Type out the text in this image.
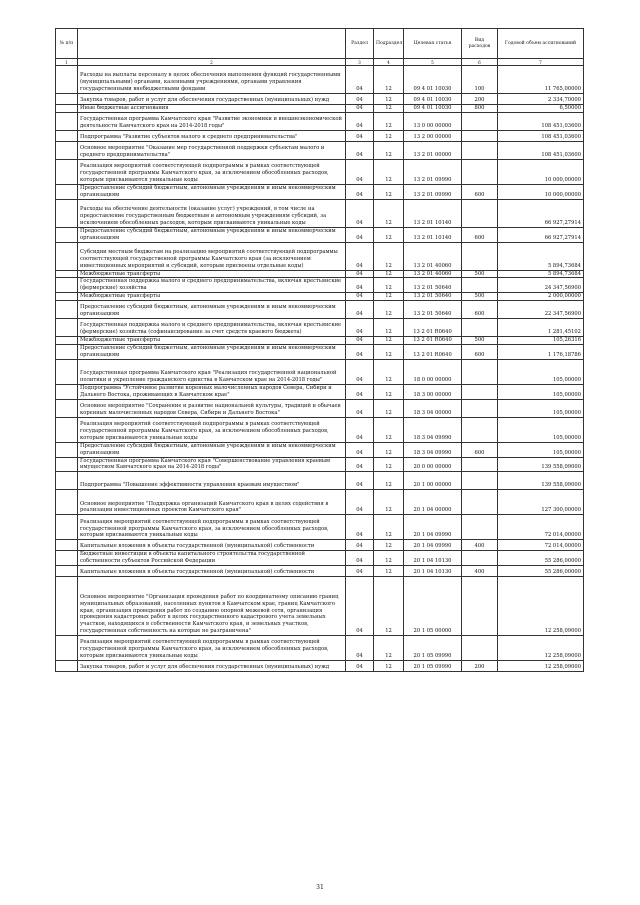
№ п/п		Раздел	Подраздел	Целевая статья	Вид расходов	Годовой объем ассигнований
1	2	3	4	5	6	7
	Расходы на выплаты персоналу в целях обеспечения выполнения функций государственными (муниципальными) органами, казенными учреждениями, органами управления государственными внебюджетными фондами	04	12	09 4 01 10030	100	11 765,00000
	Закупка товаров, работ и услуг для обеспечения государственных (муниципальных) нужд	04	12	09 4 01 10030	200	2 334,70000
	Иные бюджетные ассигнования	04	12	09 4 01 10030	800	6,50000
	Государственная программа Камчатского края "Развитие экономики и внешнеэкономической деятельности Камчатского края на 2014-2018 годы"	04	12	13 0 00 00000		108 451,03600
	Подпрограмма "Развитие субъектов малого и среднего предпринимательства"	04	12	13 2 00 00000		108 451,03600
	Основное мероприятие "Оказание мер государственной поддержки субъектам малого и среднего предпринимательства"	04	12	13 2 01 00000		108 451,03600
	Реализация мероприятий соответствующей подпрограммы в рамках соответствующей государственной программы Камчатского края, за исключением обособленных расходов, которым присваиваются уникальные коды	04	12	13 2 01 09990		10 000,00000
	Предоставление субсидий бюджетным, автономным учреждениям и иным некоммерческим организациям	04	12	13 2 01 09990	600	10 000,00000
	Расходы на обеспечение деятельности (оказание услуг) учреждений, в том числе на предоставление государственным бюджетным и автономным учреждениям субсидий, за исключением обособленных расходов, которым присваиваются уникальные коды	04	12	13 2 01 10140		66 927,27914
	Предоставление субсидий бюджетным, автономным учреждениям и иным некоммерческим организациям	04	12	13 2 01 10140	600	66 927,27914
	Субсидии местным бюджетам на реализацию мероприятий соответствующей подпрограммы соответствующей государственной программы Камчатского края (за исключением инвестиционных мероприятий и субсидий, которым присвоены отдельные коды)	04	12	13 2 01 40060		5 894,73684
	Межбюджетные трансферты	04	12	13 2 01 40060	500	5 894,73684
	Государственная поддержка малого и среднего предпринимательства, включая крестьянские (фермерские) хозяйства	04	12	13 2 01 50640		24 347,56900
	Межбюджетные трансферты	04	12	13 2 01 50640	500	2 000,00000
	Предоставление субсидий бюджетным, автономным учреждениям и иным некоммерческим организациям	04	12	13 2 01 50640	600	22 347,56900
	Государственная поддержка малого и среднего предпринимательства, включая крестьянские (фермерские) хозяйства (софинансирование за счет средств краевого бюджета)	04	12	13 2 01 R0640		1 281,45102
	Межбюджетные трансферты	04	12	13 2 01 R0640	500	105,26316
	Предоставление субсидий бюджетным, автономным учреждениям и иным некоммерческим организациям	04	12	13 2 01 R0640	600	1 176,18786
	Государственная программа Камчатского края "Реализация государственной национальной политики и укрепление гражданского единства в Камчатском крае на 2014-2018 годы"	04	12	18 0 00 00000		105,00000
	Подпрограмма "Устойчивое развитие коренных малочисленных народов Севера, Сибири и Дальнего Востока, проживающих в Камчатском крае"	04	12	18 3 00 00000		105,00000
	Основное мероприятие "Сохранение и развитие национальной культуры, традиций и обычаев коренных малочисленных народов Севера, Сибири и Дальнего Востока"	04	12	18 3 04 00000		105,00000
	Реализация мероприятий соответствующей подпрограммы в рамках соответствующей государственной программы Камчатского края, за исключением обособленных расходов, которым присваиваются уникальные коды	04	12	18 3 04 09990		105,00000
	Предоставление субсидий бюджетным, автономным учреждениям и иным некоммерческим организациям	04	12	18 3 04 09990	600	105,00000
	Государственная программа Камчатского края "Совершенствование управления краевым имуществом Камчатского края на 2014-2018 годы"	04	12	20 0 00 00000		139 558,09000
	Подпрограмма "Повышение эффективности управления краевым имуществом"	04	12	20 1 00 00000		139 558,09000
	Основное мероприятие "Поддержка организаций Камчатского края в целях содействия в реализации инвестиционных проектов Камчатского края"	04	12	20 1 04 00000		127 300,00000
	Реализация мероприятий соответствующей подпрограммы в рамках соответствующей государственной программы Камчатского края, за исключением обособленных расходов, которым присваиваются уникальные коды	04	12	20 1 04 09990		72 014,00000
	Капитальные вложения в объекты государственной (муниципальной) собственности	04	12	20 1 04 09990	400	72 014,00000
	Бюджетные инвестиции в объекты капитального строительства государственной собственности субъектов Российской Федерации	04	12	20 1 04 10130		55 286,00000
	Капитальные вложения в объекты государственной (муниципальной) собственности	04	12	20 1 04 10130	400	55 286,00000
	Основное мероприятие "Организация проведения работ по координатному описанию границ муниципальных образований, населенных пунктов в Камчатском крае, границ Камчатского края, организация проведения работ по созданию опорной межевой сети, организация проведения кадастровых работ в целях государственного кадастрового учета земельных участков, находящихся в собственности Камчатского края, и земельных участков, государственная собственность на которые не разграничена"	04	12	20 1 05 00000		12 258,09000
	Реализация мероприятий соответствующей подпрограммы в рамках соответствующей государственной программы Камчатского края, за исключением обособленных расходов, которым присваиваются уникальные коды	04	12	20 1 05 09990		12 258,09000
	Закупка товаров, работ и услуг для обеспечения государственных (муниципальных) нужд	04	12	20 1 05 09990	200	12 258,09000
31
